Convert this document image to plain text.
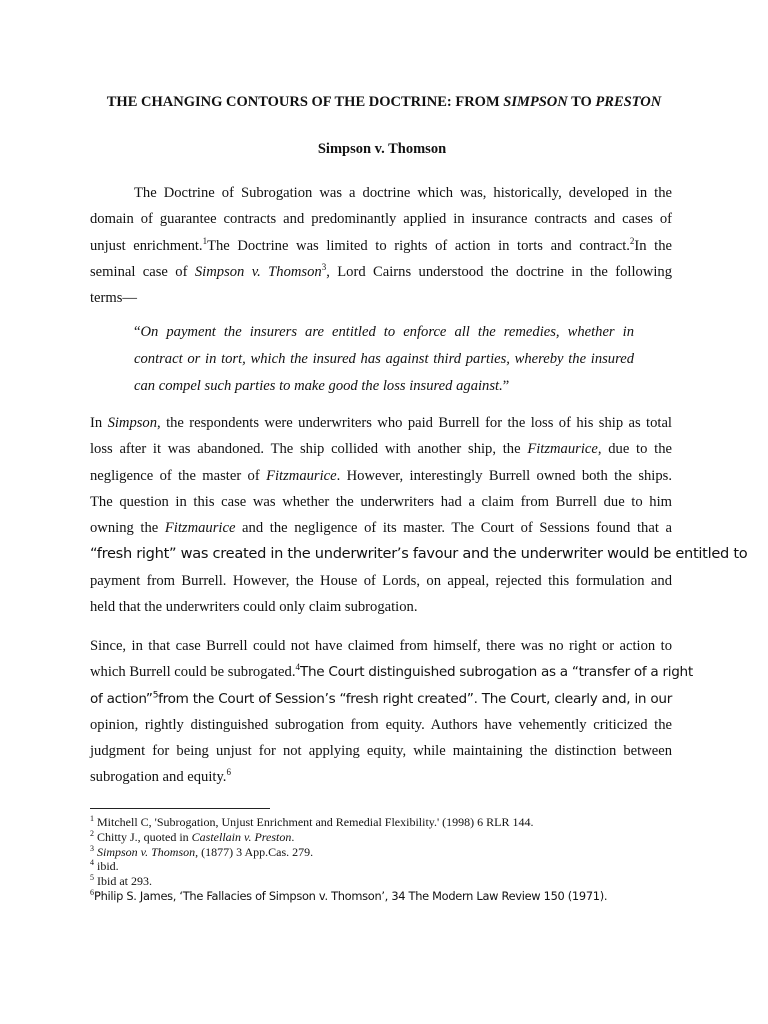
THE CHANGING CONTOURS OF THE DOCTRINE: FROM SIMPSON TO PRESTON
Simpson v. Thomson
The Doctrine of Subrogation was a doctrine which was, historically, developed in the
domain of guarantee contracts and predominantly applied in insurance contracts and cases of
unjust enrichment.$^1$The Doctrine was limited to rights of action in torts and contract.$^2$In the
seminal case of Simpson v. Thomson$^3$, Lord Cairns understood the doctrine in the following
terms—
“On payment the insurers are entitled to enforce all the remedies, whether in
contract or in tort, which the insured has against third parties, whereby the insured
can compel such parties to make good the loss insured against.”
In Simpson, the respondents were underwriters who paid Burrell for the loss of his ship as total
loss after it was abandoned. The ship collided with another ship, the Fitzmaurice, due to the
negligence of the master of Fitzmaurice. However, interestingly Burrell owned both the ships.
The question in this case was whether the underwriters had a claim from Burrell due to him
owning the Fitzmaurice and the negligence of its master. The Court of Sessions found that a
“fresh right” was created in the underwriter’s favour and the underwriter would be entitled to
payment from Burrell. However, the House of Lords, on appeal, rejected this formulation and
held that the underwriters could only claim subrogation.
Since, in that case Burrell could not have claimed from himself, there was no right or action to
which Burrell could be subrogated.$^4$The Court distinguished subrogation as a “transfer of a right
of action”$^5$from the Court of Session’s “fresh right created”. The Court, clearly and, in our
opinion, rightly distinguished subrogation from equity. Authors have vehemently criticized the
judgment for being unjust for not applying equity, while maintaining the distinction between
subrogation and equity.$^6$
$^1$ Mitchell C, 'Subrogation, Unjust Enrichment and Remedial Flexibility.' (1998) 6 RLR 144.
$^2$ Chitty J., quoted in Castellain v. Preston.
$^3$ Simpson v. Thomson, (1877) 3 App.Cas. 279.
$^4$ ibid.
$^5$ Ibid at 293.
$^6$Philip S. James, ‘The Fallacies of Simpson v. Thomson’, 34 The Modern Law Review 150 (1971).
